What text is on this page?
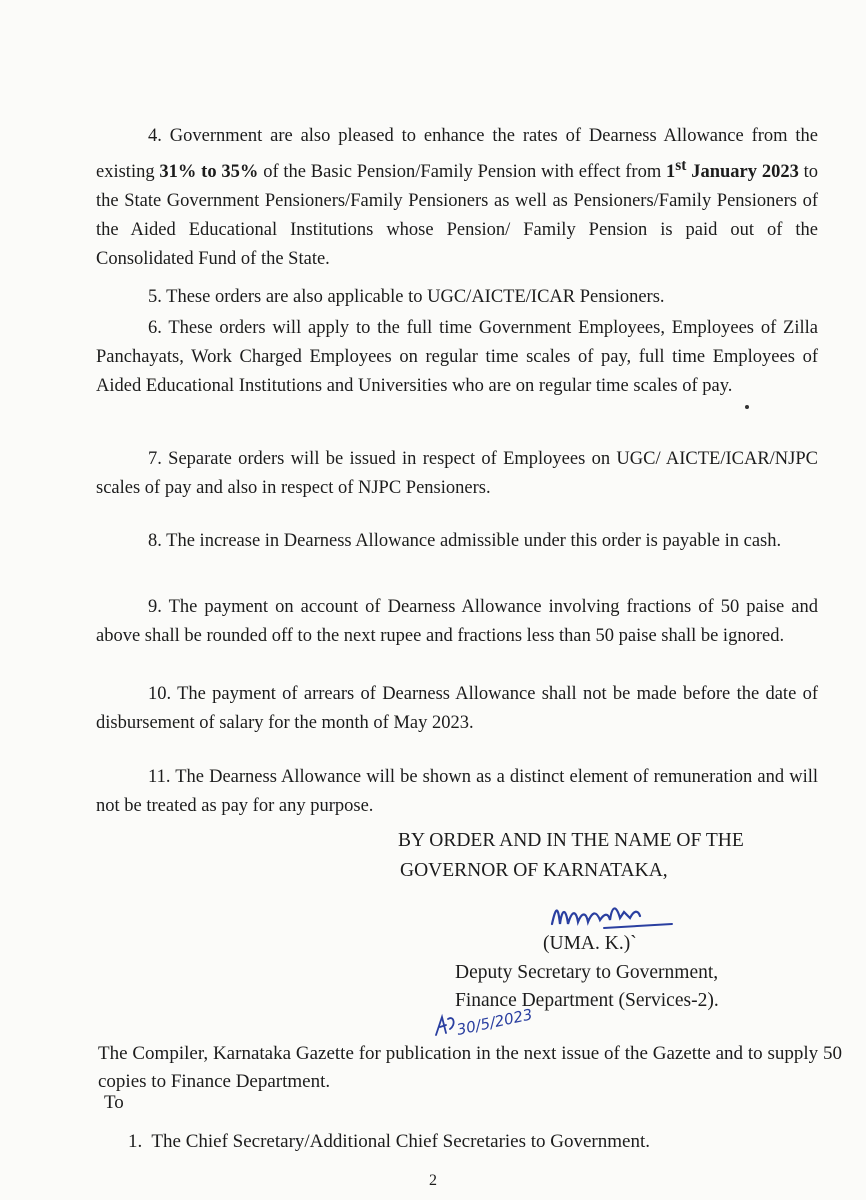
4. Government are also pleased to enhance the rates of Dearness Allowance from the existing 31% to 35% of the Basic Pension/Family Pension with effect from 1st January 2023 to the State Government Pensioners/Family Pensioners as well as Pensioners/Family Pensioners of the Aided Educational Institutions whose Pension/ Family Pension is paid out of the Consolidated Fund of the State.
5. These orders are also applicable to UGC/AICTE/ICAR Pensioners.
6. These orders will apply to the full time Government Employees, Employees of Zilla Panchayats, Work Charged Employees on regular time scales of pay, full time Employees of Aided Educational Institutions and Universities who are on regular time scales of pay.
7. Separate orders will be issued in respect of Employees on UGC/ AICTE/ICAR/NJPC scales of pay and also in respect of NJPC Pensioners.
8. The increase in Dearness Allowance admissible under this order is payable in cash.
9. The payment on account of Dearness Allowance involving fractions of 50 paise and above shall be rounded off to the next rupee and fractions less than 50 paise shall be ignored.
10. The payment of arrears of Dearness Allowance shall not be made before the date of disbursement of salary for the month of May 2023.
11. The Dearness Allowance will be shown as a distinct element of remuneration and will not be treated as pay for any purpose.
BY ORDER AND IN THE NAME OF THE
GOVERNOR OF KARNATAKA,
(UMA. K.)`
Deputy Secretary to Government,
Finance Department (Services-2).
30/5/2023
The Compiler, Karnataka Gazette for publication in the next issue of the Gazette and to supply 50 copies to Finance Department.
To
1. The Chief Secretary/Additional Chief Secretaries to Government.
2
